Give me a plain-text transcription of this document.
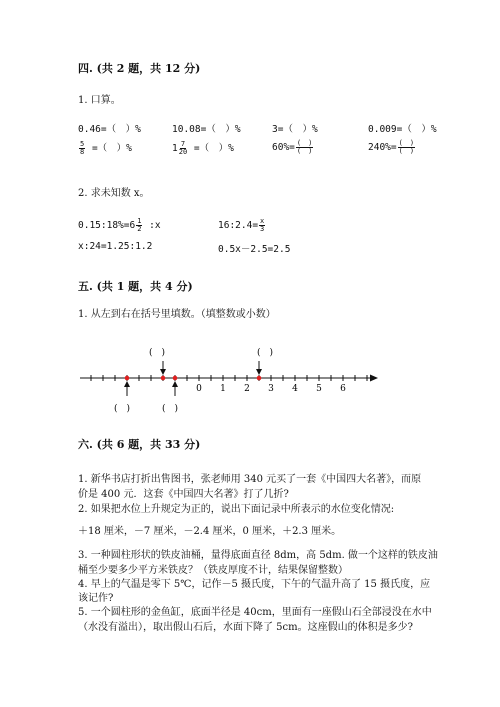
四. (共 2 题，共 12 分)
1. 口算。
0.46=（　）%	10.08=（　）%	3=（　）%	0.009=（　）%
$\frac{5}{8}$ =（　）%	$1 \frac{7}{20}$ =（　）%	$60\%= \frac{( )}{( )}$	$240\%= \frac{( )}{( )}$
2. 求未知数 x。
0.15:18%=6 $\frac{1}{2}$ :x	16:2.4= $\frac{x}{3}$
x:24=1.25:1.2	0.5x－2.5=2.5
五. (共 1 题，共 4 分)
1. 从左到右在括号里填数。（填整数或小数）
0 1 2 3 4 5 6
(　)	(　)
(　)	(　)
六. (共 6 题，共 33 分)
1. 新华书店打折出售图书，张老师用 340 元买了一套《中国四大名著》，而原
价是 400 元．这套《中国四大名著》打了几折?
2. 如果把水位上升规定为正的，说出下面记录中所表示的水位变化情况:
＋18 厘米，－7 厘米，－2.4 厘米，0 厘米，＋2.3 厘米。
3. 一种圆柱形状的铁皮油桶，量得底面直径 8dm，高 5dm. 做一个这样的铁皮油
桶至少要多少平方米铁皮？（铁皮厚度不计，结果保留整数）
4. 早上的气温是零下 5℃，记作－5 摄氏度，下午的气温升高了 15 摄氏度，应
该记作?
5. 一个圆柱形的金鱼缸，底面半径是 40cm，里面有一座假山石全部浸没在水中
（水没有溢出），取出假山石后，水面下降了 5cm。这座假山的体积是多少?
